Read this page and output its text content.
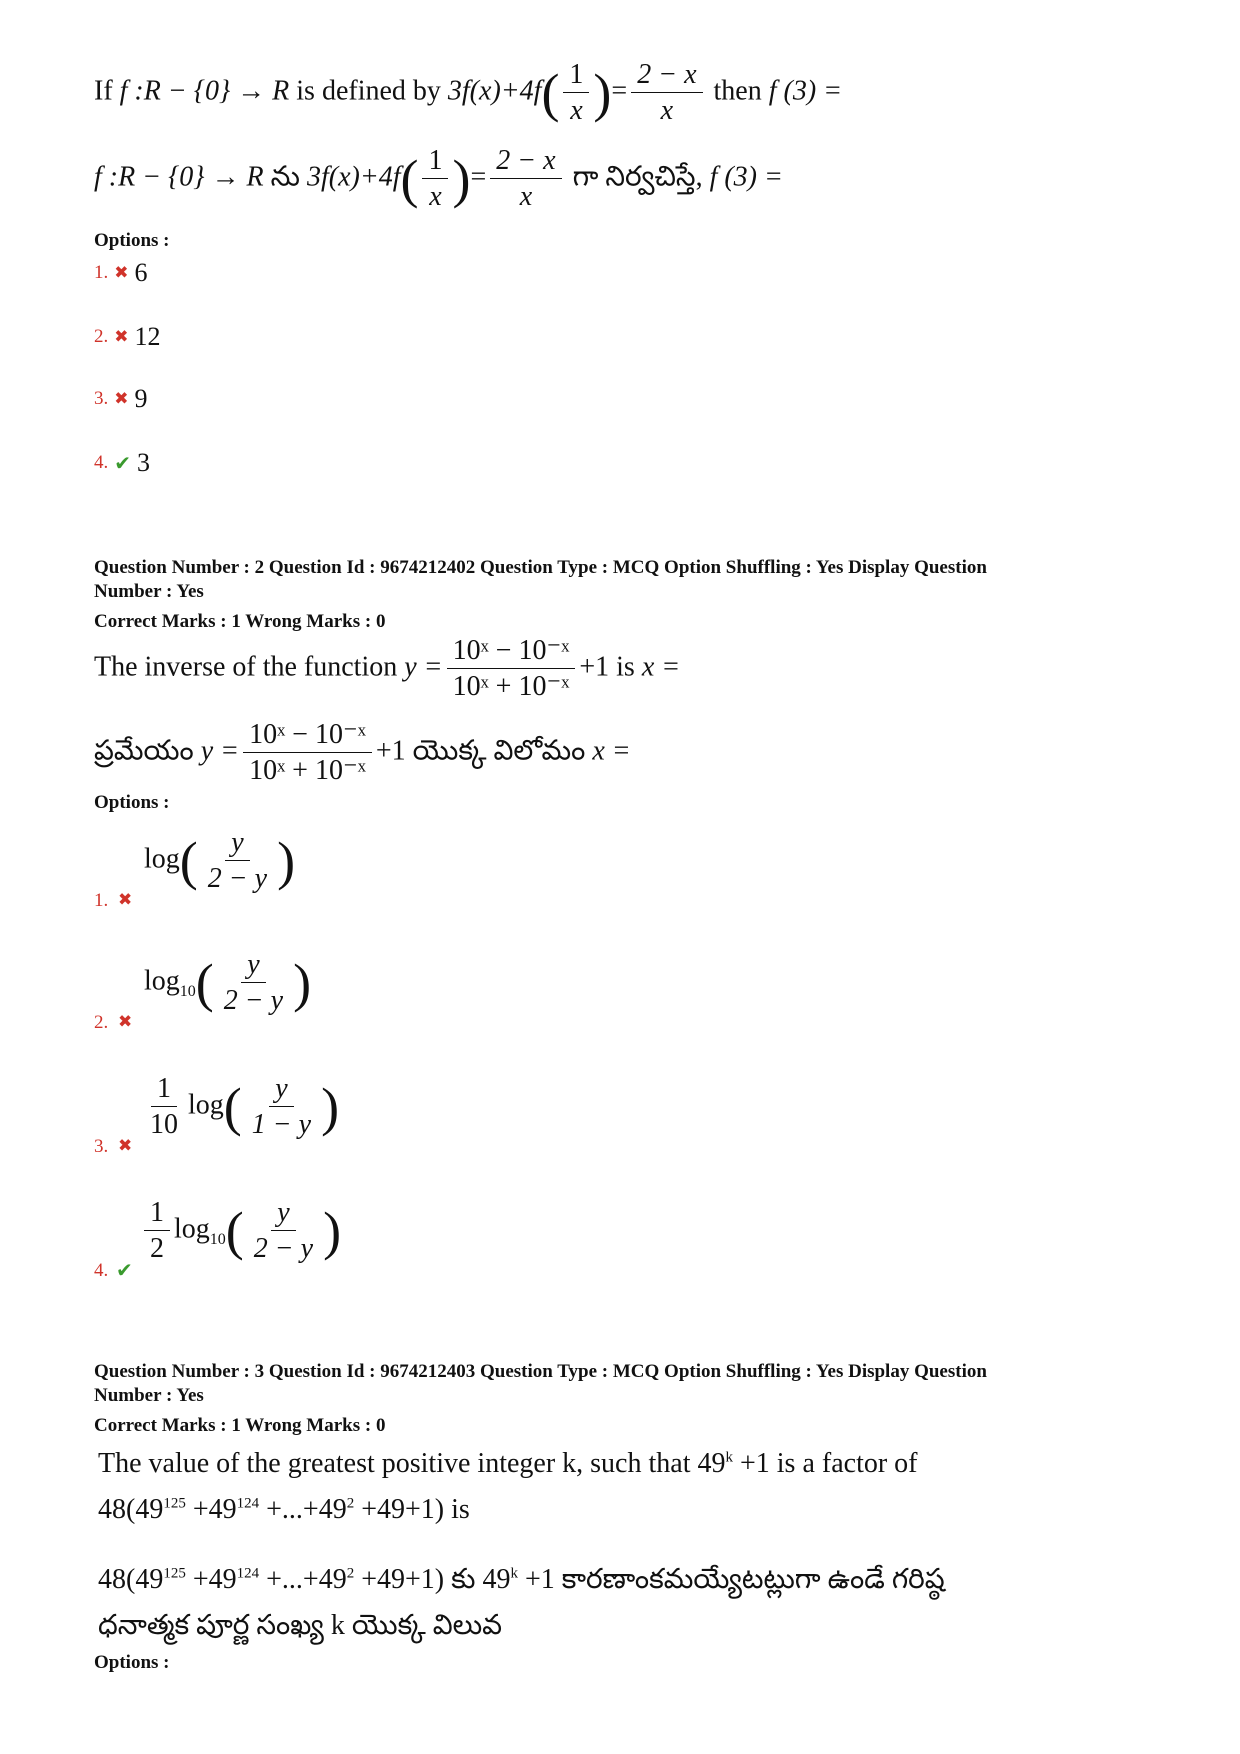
If f :R − {0} → R is defined by 3f(x)+4f ( $\frac{1}{x}$ ) = $\frac{2 - x}{x}$ then f (3) =
f :R − {0} → R ను 3f(x)+4f ( $\frac{1}{x}$ ) = $\frac{2 - x}{x}$ గా నిర్వచిస్తే, f (3) =
Options :
1. ✖ 6
2. ✖ 12
3. ✖ 9
4. ✔ 3
Question Number : 2 Question Id : 9674212402 Question Type : MCQ Option Shuffling : Yes Display Question
Number : Yes
Correct Marks : 1 Wrong Marks : 0
The inverse of the function $y = \frac{\text{10ˣ − 10⁻ˣ}}{\text{10ˣ + 10⁻ˣ}} +1$ is x =
ప్రమేయం $y = \frac{\text{10ˣ − 10⁻ˣ}}{\text{10ˣ + 10⁻ˣ}} +1$ యొక్క విలోమం x =
Options :
1. ✖
log ( $\frac{y}{2 - y}$ )
2. ✖
$\log_{10}$ ( $\frac{y}{2 - y}$ )
3. ✖
$\frac{1}{10}$ log ( $\frac{y}{1 - y}$ )
4. ✔
$\frac{1}{2} \log_{10}$ ( $\frac{y}{2 - y}$ )
Question Number : 3 Question Id : 9674212403 Question Type : MCQ Option Shuffling : Yes Display Question
Number : Yes
Correct Marks : 1 Wrong Marks : 0
The value of the greatest positive integer k, such that $49^k +1$ is a factor of
$48(49^{125} +49^{124} +...+49^2 +49+1)$ is
$48(49^{125} +49^{124} +...+49^2 +49+1)$ కు $49^k +1$ కారణాంకమయ్యేటట్లుగా ఉండే గరిష్ఠ
ధనాత్మక పూర్ణ సంఖ్య k యొక్క విలువ
Options :
